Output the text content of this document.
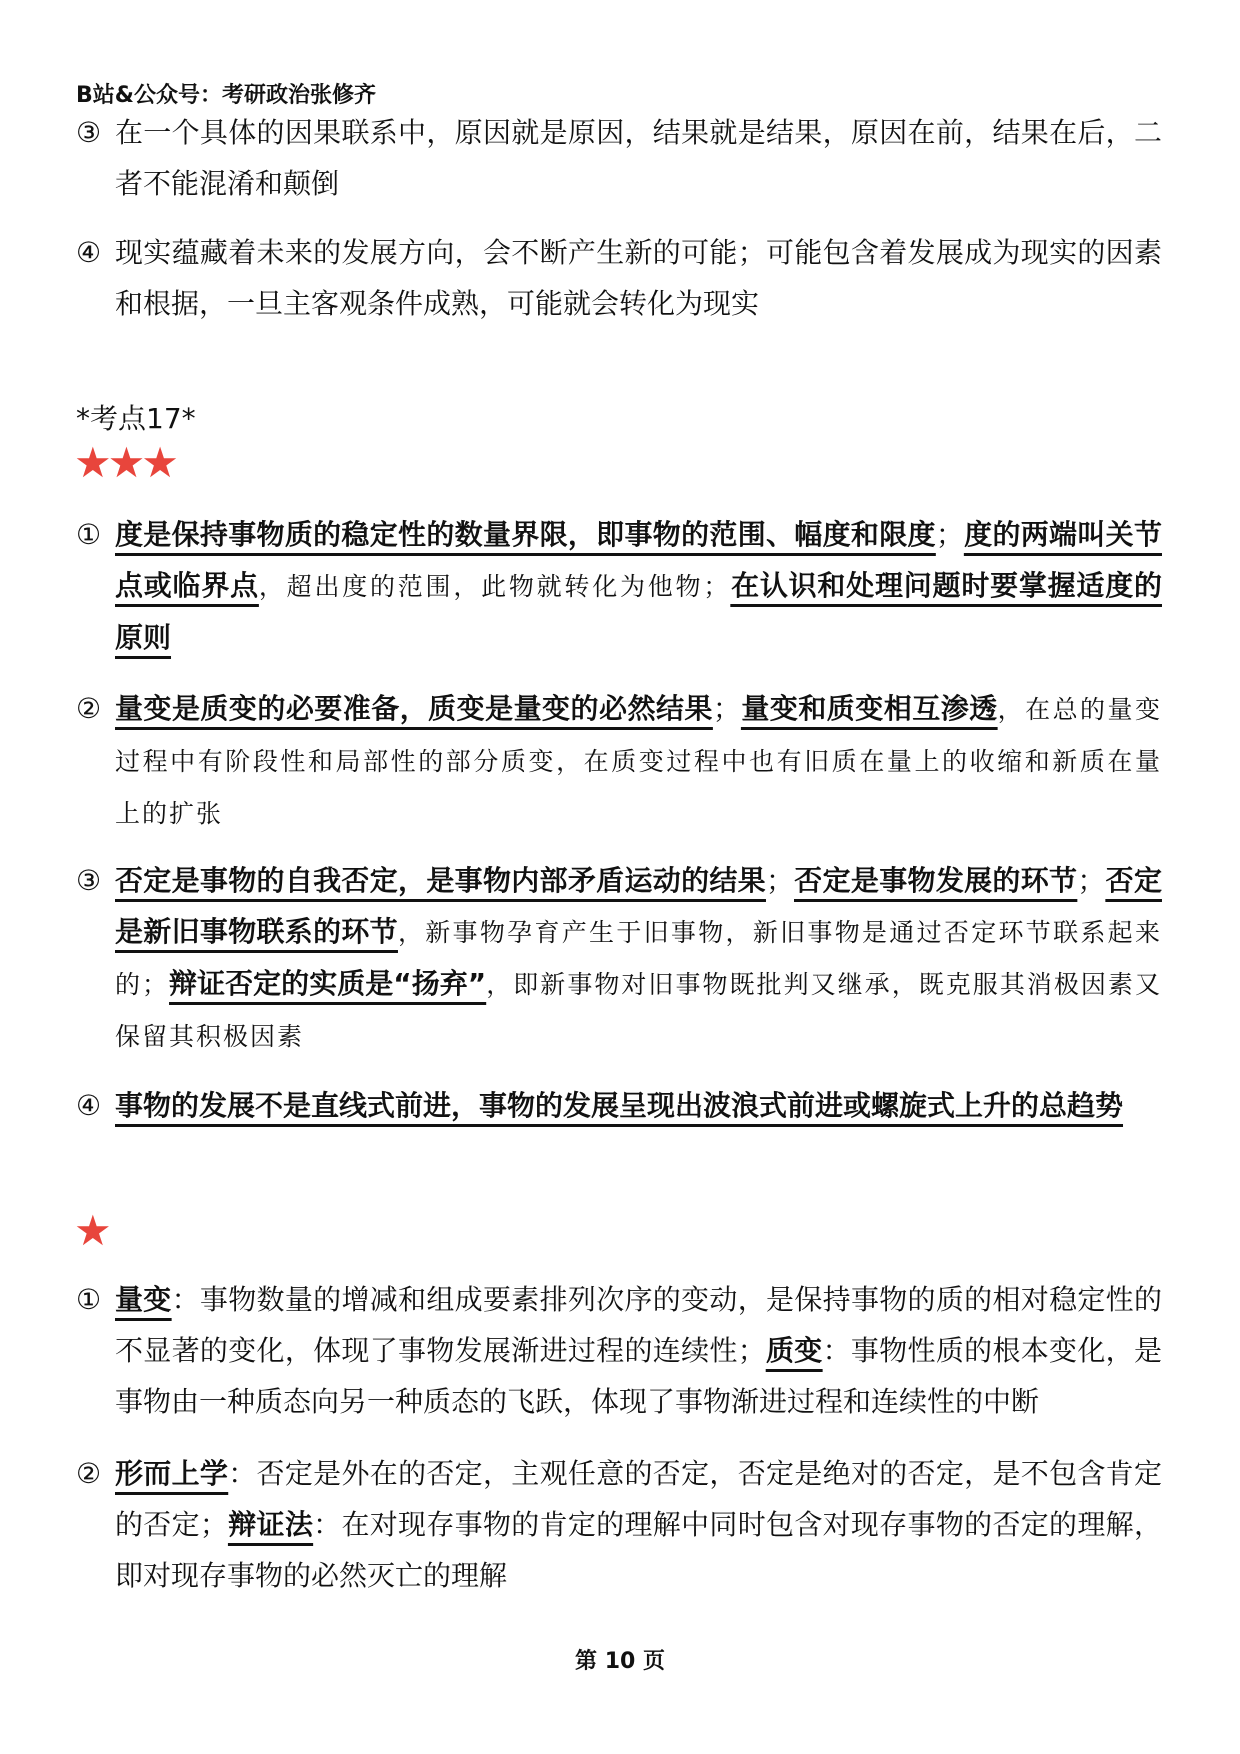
B站&公众号：考研政治张修齐
③ 在一个具体的因果联系中，原因就是原因，结果就是结果，原因在前，结果在后，二者不能混淆和颠倒
④ 现实蕴藏着未来的发展方向，会不断产生新的可能；可能包含着发展成为现实的因素和根据，一旦主客观条件成熟，可能就会转化为现实
*考点17*
★★★
① 度是保持事物质的稳定性的数量界限，即事物的范围、幅度和限度；度的两端叫关节点或临界点，超出度的范围，此物就转化为他物；在认识和处理问题时要掌握适度的原则
② 量变是质变的必要准备，质变是量变的必然结果；量变和质变相互渗透，在总的量变过程中有阶段性和局部性的部分质变，在质变过程中也有旧质在量上的收缩和新质在量上的扩张
③ 否定是事物的自我否定，是事物内部矛盾运动的结果；否定是事物发展的环节；否定是新旧事物联系的环节，新事物孕育产生于旧事物，新旧事物是通过否定环节联系起来的；辩证否定的实质是“扬弃”，即新事物对旧事物既批判又继承，既克服其消极因素又保留其积极因素
④ 事物的发展不是直线式前进，事物的发展呈现出波浪式前进或螺旋式上升的总趋势
★
① 量变：事物数量的增减和组成要素排列次序的变动，是保持事物的质的相对稳定性的不显著的变化，体现了事物发展渐进过程的连续性；质变：事物性质的根本变化，是事物由一种质态向另一种质态的飞跃，体现了事物渐进过程和连续性的中断
② 形而上学：否定是外在的否定，主观任意的否定，否定是绝对的否定，是不包含肯定的否定；辩证法：在对现存事物的肯定的理解中同时包含对现存事物的否定的理解，即对现存事物的必然灭亡的理解
第 10 页
